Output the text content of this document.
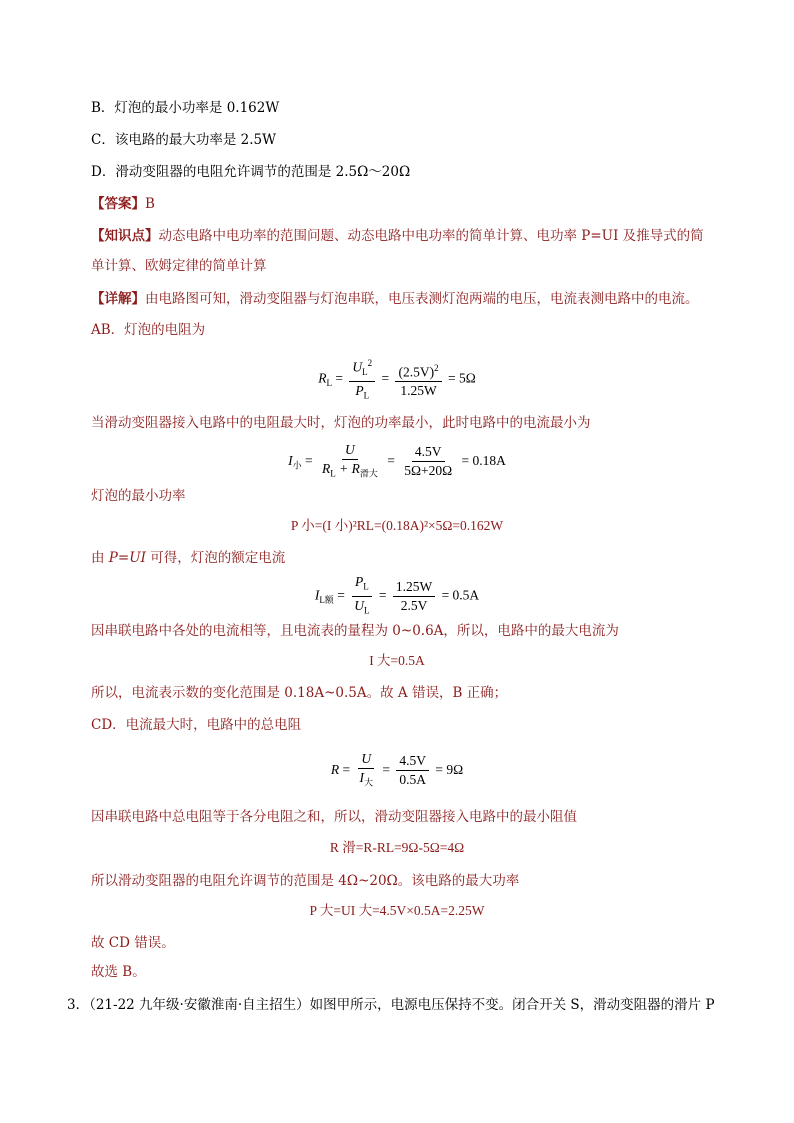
B．灯泡的最小功率是 0.162W
C．该电路的最大功率是 2.5W
D．滑动变阻器的电阻允许调节的范围是 2.5Ω～20Ω
【答案】B
【知识点】动态电路中电功率的范围问题、动态电路中电功率的简单计算、电功率 P=UI 及推导式的简
单计算、欧姆定律的简单计算
【详解】由电路图可知，滑动变阻器与灯泡串联，电压表测灯泡两端的电压，电流表测电路中的电流。
AB．灯泡的电阻为
$R_L = \frac{U_L^2}{P_L} = \frac{(2.5V)^2}{1.25W} = 5\Omega$
当滑动变阻器接入电路中的电阻最大时，灯泡的功率最小，此时电路中的电流最小为
$I_小 = \frac{U}{R_L + R_{滑大}} = \frac{4.5V}{5\Omega+20\Omega} = 0.18A$
灯泡的最小功率
P 小=(I 小)²RL=(0.18A)²×5Ω=0.162W
由 P=UI 可得，灯泡的额定电流
$I_{L额} = \frac{P_L}{U_L} = \frac{1.25W}{2.5V} = 0.5A$
因串联电路中各处的电流相等，且电流表的量程为 0~0.6A，所以，电路中的最大电流为
I 大=0.5A
所以，电流表示数的变化范围是 0.18A~0.5A。故 A 错误，B 正确；
CD．电流最大时，电路中的总电阻
$R = \frac{U}{I_大} = \frac{4.5V}{0.5A} = 9\Omega$
因串联电路中总电阻等于各分电阻之和，所以，滑动变阻器接入电路中的最小阻值
R 滑=R-RL=9Ω-5Ω=4Ω
所以滑动变阻器的电阻允许调节的范围是 4Ω~20Ω。该电路的最大功率
P 大=UI 大=4.5V×0.5A=2.25W
故 CD 错误。
故选 B。
3．（21-22 九年级·安徽淮南·自主招生）如图甲所示，电源电压保持不变。闭合开关 S，滑动变阻器的滑片 P
